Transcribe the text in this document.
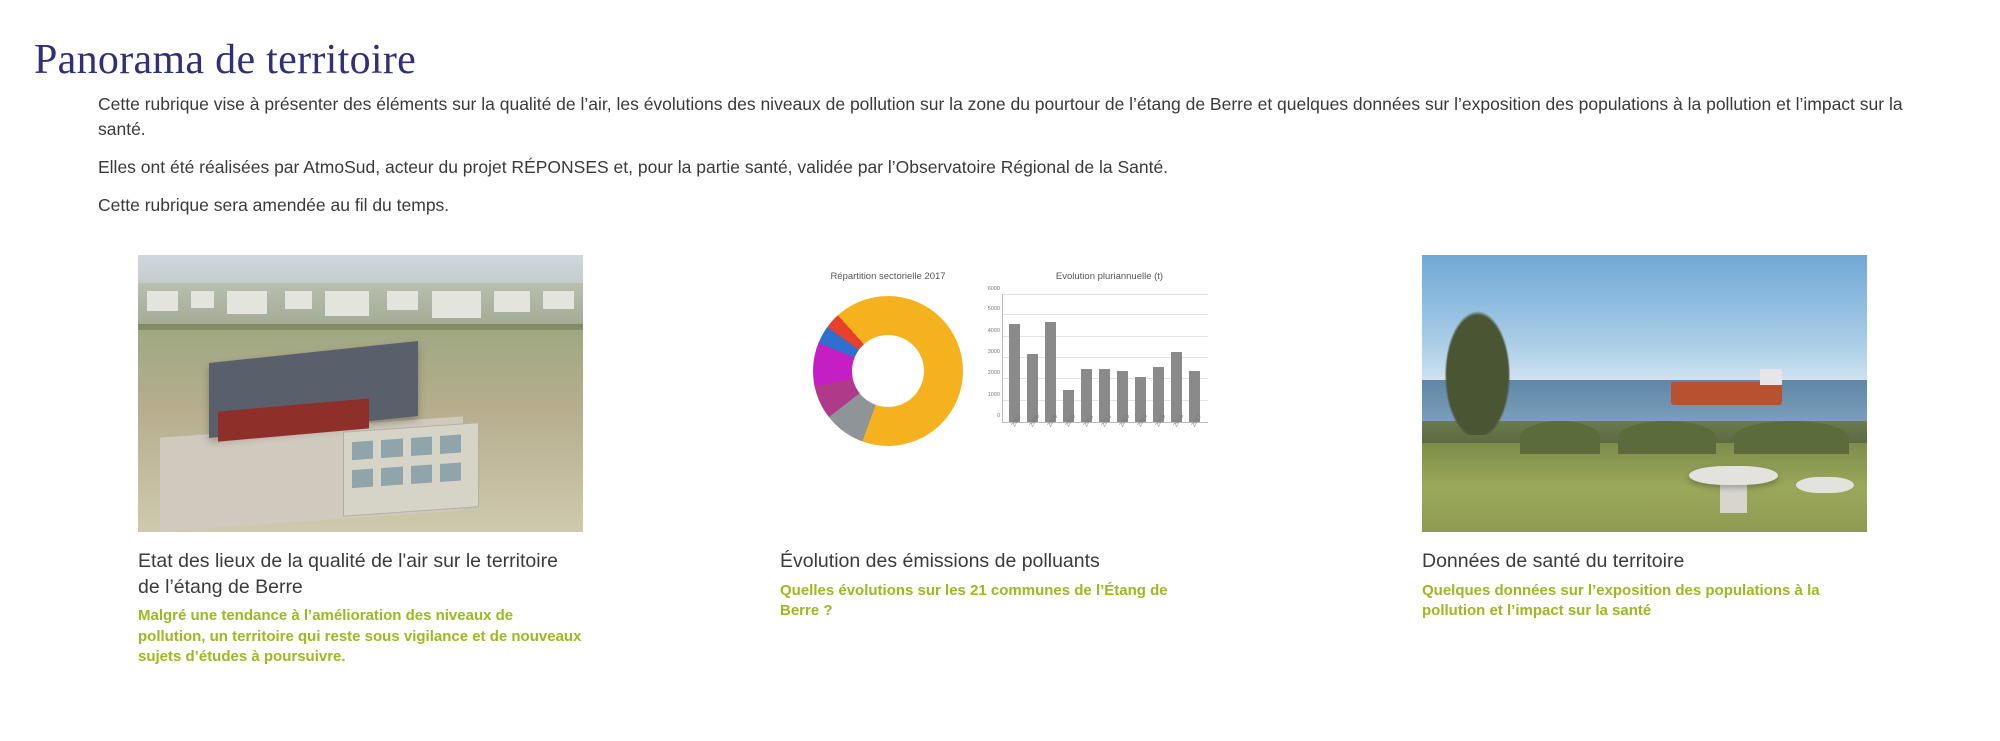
Panorama de territoire

Cette rubrique vise à présenter des éléments sur la qualité de l’air, les évolutions des niveaux de pollution sur la zone du pourtour de l’étang de Berre et quelques données sur l’exposition des populations à la pollution et l’impact sur la santé.

Elles ont été réalisées par AtmoSud, acteur du projet RÉPONSES et, pour la partie santé, validée par l’Observatoire Régional de la Santé.

Cette rubrique sera amendée au fil du temps.

Etat des lieux de la qualité de l'air sur le territoire de l’étang de Berre
Malgré une tendance à l’amélioration des niveaux de pollution, un territoire qui reste sous vigilance et de nouveaux sujets d’études à poursuivre.
Répartition sectorielle 2017	Evolution pluriannuelle (t)
0
1000
2000
3000
4000
5000
6000
2007 2008 2009 2010 2011 2012 2013 2014 2015 2016 2017
Évolution des émissions de polluants
Quelles évolutions sur les 21 communes de l’Étang de Berre ?
Données de santé du territoire
Quelques données sur l’exposition des populations à la pollution et l’impact sur la santé
